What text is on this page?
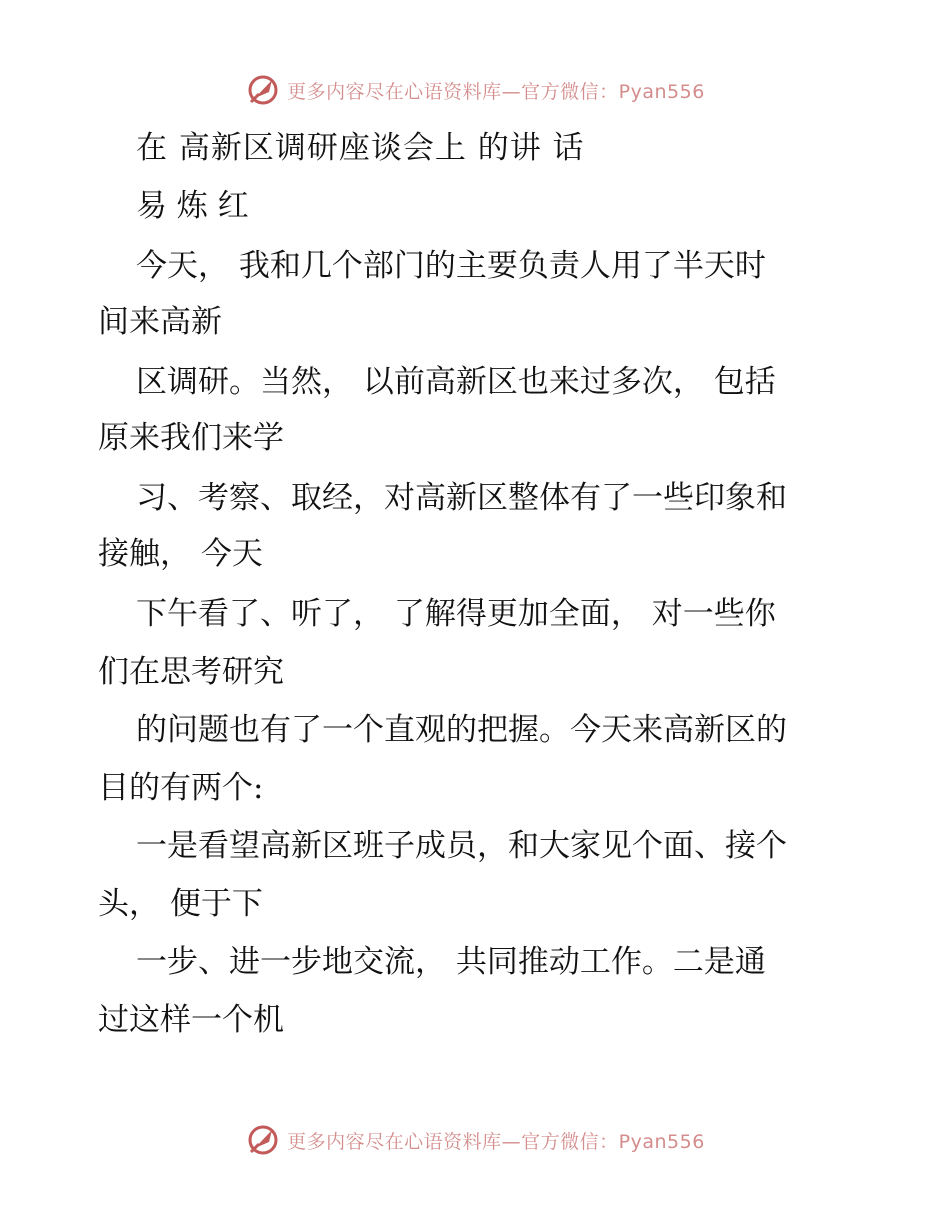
更多内容尽在心语资料库—官方微信：Pyan556
在 高新区调研座谈会上 的讲 话
易 炼 红
今天， 我和几个部门的主要负责人用了半天时
间来高新
区调研。当然， 以前高新区也来过多次， 包括
原来我们来学
习、考察、取经，对高新区整体有了一些印象和
接触， 今天
下午看了、听了， 了解得更加全面， 对一些你
们在思考研究
的问题也有了一个直观的把握。今天来高新区的
目的有两个:
一是看望高新区班子成员，和大家见个面、接个
头， 便于下
一步、进一步地交流， 共同推动工作。二是通
过这样一个机
更多内容尽在心语资料库—官方微信：Pyan556
